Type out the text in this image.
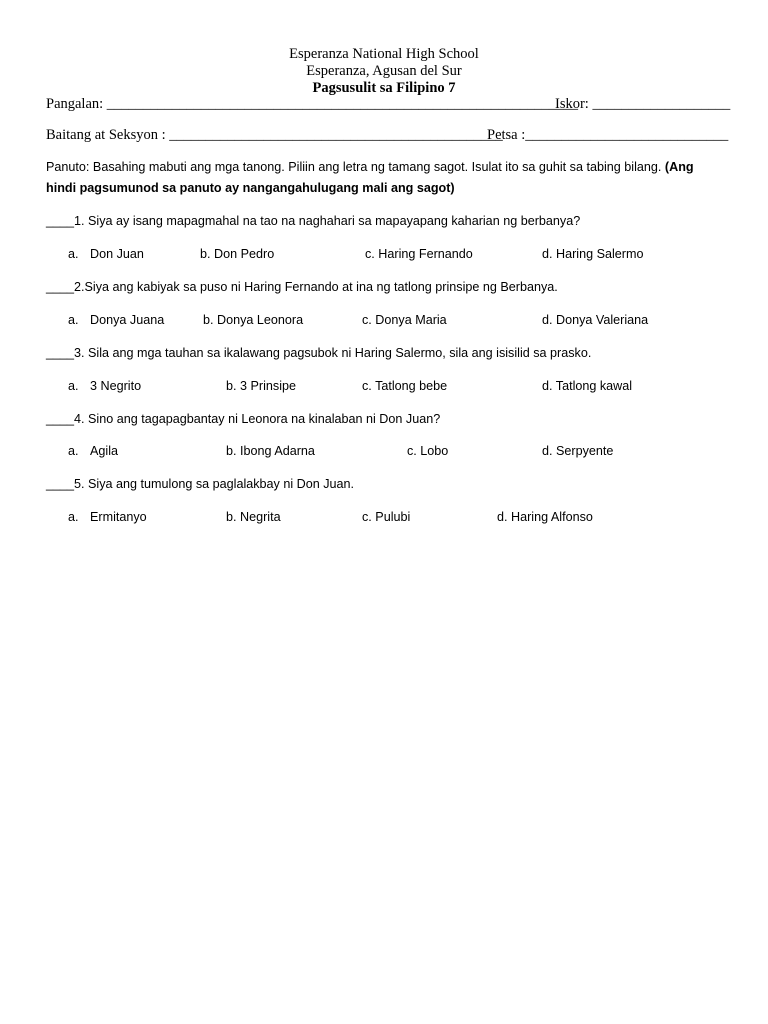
Esperanza National High School
Esperanza, Agusan del Sur
Pagsusulit sa Filipino 7
Pangalan: _________________________________________________________________
Iskor: ___________________
Baitang at Seksyon : ______________________________________________
Petsa :____________________________
Panuto: Basahing mabuti ang mga tanong. Piliin ang letra ng tamang sagot. Isulat ito sa guhit sa tabing bilang. (Ang hindi pagsumunod sa panuto ay nangangahulugang mali ang sagot)
____1. Siya ay isang mapagmahal na tao na naghahari sa mapayapang kaharian ng berbanya?
a. Don Juan	b. Don Pedro	c. Haring Fernando	d. Haring Salermo
____2.Siya ang kabiyak sa puso ni Haring Fernando at ina ng tatlong prinsipe ng Berbanya.
a. Donya Juana	b. Donya Leonora	c. Donya Maria	d. Donya Valeriana
____3. Sila ang mga tauhan sa ikalawang pagsubok ni Haring Salermo, sila ang isisilid sa prasko.
a. 3 Negrito	b. 3 Prinsipe	c. Tatlong bebe	d. Tatlong kawal
____4. Sino ang tagapagbantay ni Leonora na kinalaban ni Don Juan?
a. Agila	b. Ibong Adarna	c. Lobo	d. Serpyente
____5. Siya ang tumulong sa paglalakbay ni Don Juan.
a. Ermitanyo	b. Negrita	c. Pulubi	d. Haring Alfonso
